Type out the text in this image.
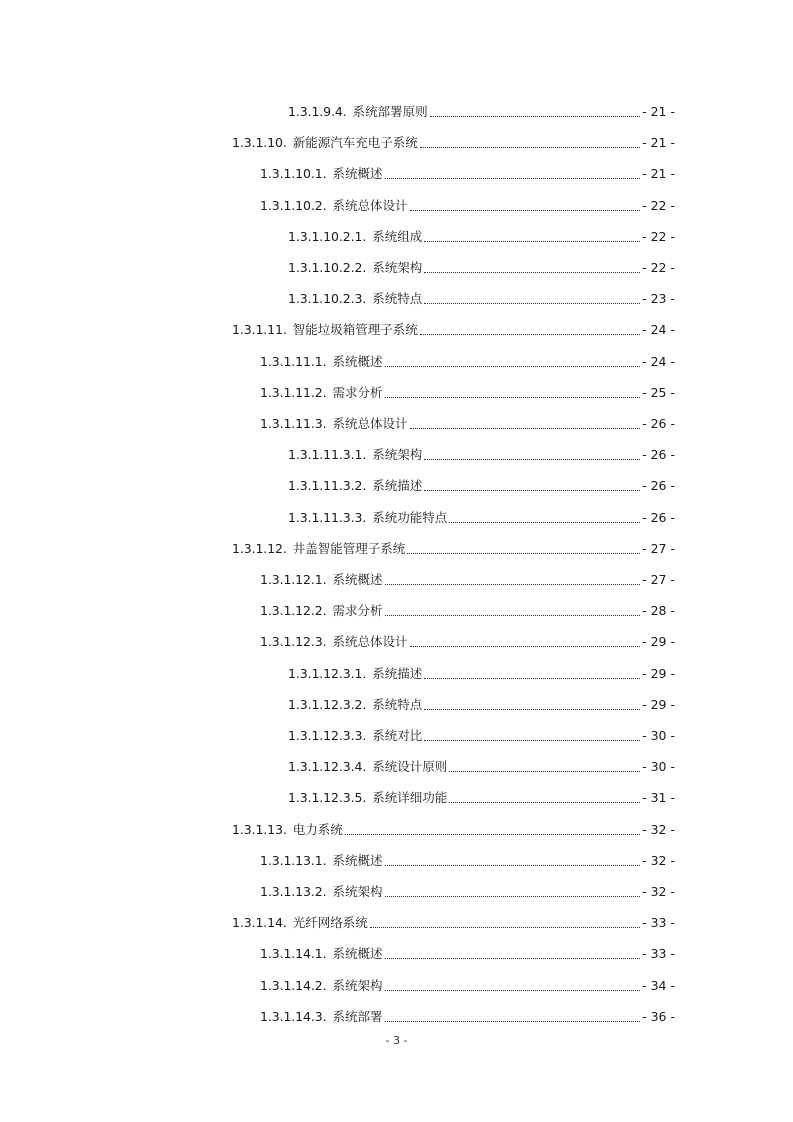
1.3.1.9.4. 系统部署原则	- 21 -
1.3.1.10. 新能源汽车充电子系统	- 21 -
1.3.1.10.1. 系统概述	- 21 -
1.3.1.10.2. 系统总体设计	- 22 -
1.3.1.10.2.1. 系统组成	- 22 -
1.3.1.10.2.2. 系统架构	- 22 -
1.3.1.10.2.3. 系统特点	- 23 -
1.3.1.11. 智能垃圾箱管理子系统	- 24 -
1.3.1.11.1. 系统概述	- 24 -
1.3.1.11.2. 需求分析	- 25 -
1.3.1.11.3. 系统总体设计	- 26 -
1.3.1.11.3.1. 系统架构	- 26 -
1.3.1.11.3.2. 系统描述	- 26 -
1.3.1.11.3.3. 系统功能特点	- 26 -
1.3.1.12. 井盖智能管理子系统	- 27 -
1.3.1.12.1. 系统概述	- 27 -
1.3.1.12.2. 需求分析	- 28 -
1.3.1.12.3. 系统总体设计	- 29 -
1.3.1.12.3.1. 系统描述	- 29 -
1.3.1.12.3.2. 系统特点	- 29 -
1.3.1.12.3.3. 系统对比	- 30 -
1.3.1.12.3.4. 系统设计原则	- 30 -
1.3.1.12.3.5. 系统详细功能	- 31 -
1.3.1.13. 电力系统	- 32 -
1.3.1.13.1. 系统概述	- 32 -
1.3.1.13.2. 系统架构	- 32 -
1.3.1.14. 光纤网络系统	- 33 -
1.3.1.14.1. 系统概述	- 33 -
1.3.1.14.2. 系统架构	- 34 -
1.3.1.14.3. 系统部署	- 36 -
- 3 -
